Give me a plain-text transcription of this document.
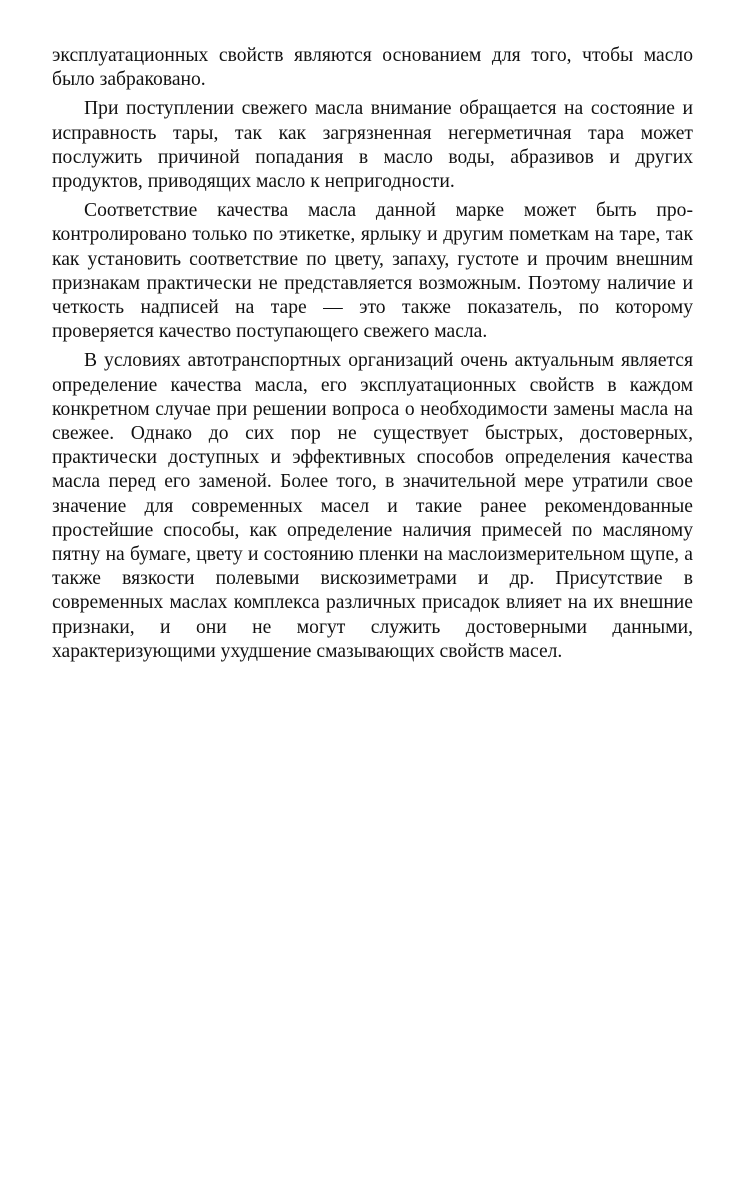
эксплуатационных свойств являются основанием для того, чтобы масло было забраковано.

При поступлении свежего масла внимание обращается на состояние и исправность тары, так как загрязненная негерметичная тара может послужить причиной попадания в масло воды, абразивов и других продуктов, приводящих масло к непригодности.

Соответствие качества масла данной марке может быть проконтролировано только по этикетке, ярлыку и другим пометкам на таре, так как установить соответствие по цвету, запаху, густоте и прочим внешним признакам практически не представляется возможным. Поэтому наличие и четкость надписей на таре — это также показатель, по которому проверяется качество поступающего свежего масла.

В условиях автотранспортных организаций очень актуальным является определение качества масла, его эксплуатационных свойств в каждом конкретном случае при решении вопроса о необходимости замены масла на свежее. Однако до сих пор не существует быстрых, достоверных, практически доступных и эффективных способов определения качества масла перед его заменой. Более того, в значительной мере утратили свое значение для современных масел и такие ранее рекомендованные простейшие способы, как определение наличия примесей по масляному пятну на бумаге, цвету и состоянию пленки на маслоизмерительном щупе, а также вязкости полевыми вискозиметрами и др. Присутствие в современных маслах комплекса различных присадок влияет на их внешние признаки, и они не могут служить достоверными данными, характеризующими ухудшение смазывающих свойств масел.
